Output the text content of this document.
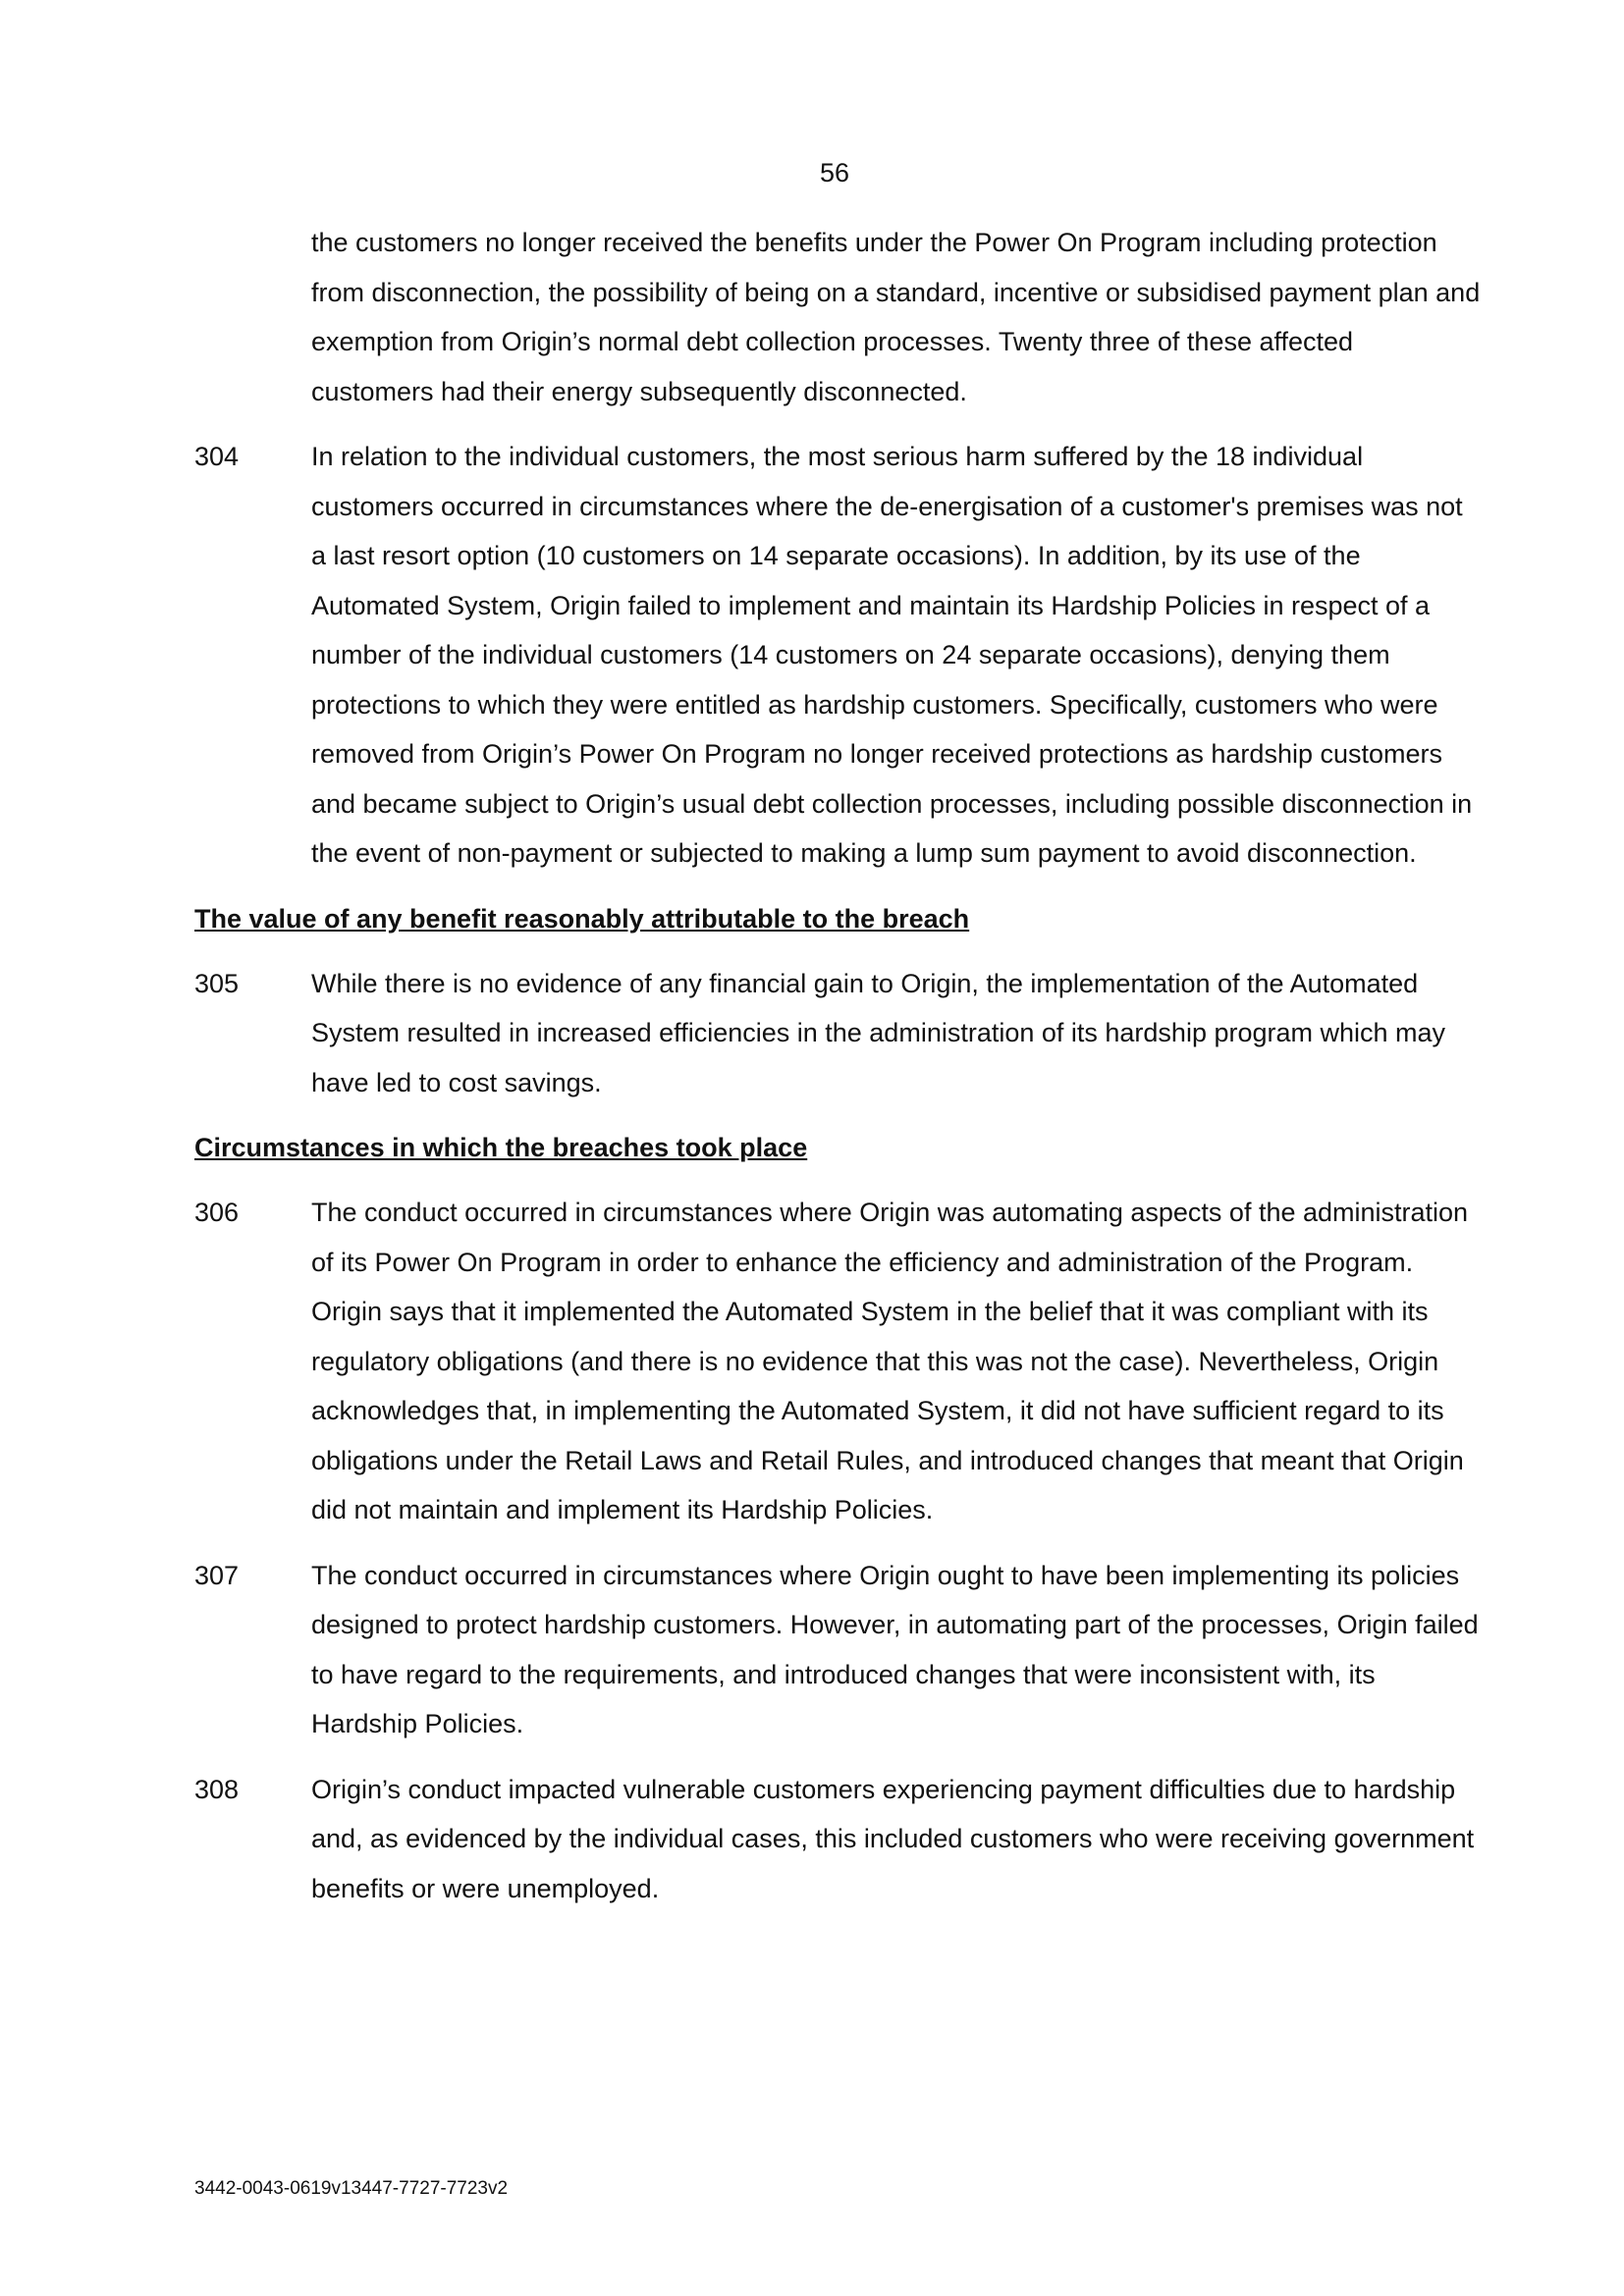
56
the customers no longer received the benefits under the Power On Program including protection from disconnection, the possibility of being on a standard, incentive or subsidised payment plan and exemption from Origin’s normal debt collection processes. Twenty three of these affected customers had their energy subsequently disconnected.
304	In relation to the individual customers, the most serious harm suffered by the 18 individual customers occurred in circumstances where the de-energisation of a customer's premises was not a last resort option (10 customers on 14 separate occasions). In addition, by its use of the Automated System, Origin failed to implement and maintain its Hardship Policies in respect of a number of the individual customers (14 customers on 24 separate occasions), denying them protections to which they were entitled as hardship customers. Specifically, customers who were removed from Origin’s Power On Program no longer received protections as hardship customers and became subject to Origin’s usual debt collection processes, including possible disconnection in the event of non-payment or subjected to making a lump sum payment to avoid disconnection.
The value of any benefit reasonably attributable to the breach
305	While there is no evidence of any financial gain to Origin, the implementation of the Automated System resulted in increased efficiencies in the administration of its hardship program which may have led to cost savings.
Circumstances in which the breaches took place
306	The conduct occurred in circumstances where Origin was automating aspects of the administration of its Power On Program in order to enhance the efficiency and administration of the Program. Origin says that it implemented the Automated System in the belief that it was compliant with its regulatory obligations (and there is no evidence that this was not the case). Nevertheless, Origin acknowledges that, in implementing the Automated System, it did not have sufficient regard to its obligations under the Retail Laws and Retail Rules, and introduced changes that meant that Origin did not maintain and implement its Hardship Policies.
307	The conduct occurred in circumstances where Origin ought to have been implementing its policies designed to protect hardship customers. However, in automating part of the processes, Origin failed to have regard to the requirements, and introduced changes that were inconsistent with, its Hardship Policies.
308	Origin’s conduct impacted vulnerable customers experiencing payment difficulties due to hardship and, as evidenced by the individual cases, this included customers who were receiving government benefits or were unemployed.
3442-0043-0619v13447-7727-7723v2
